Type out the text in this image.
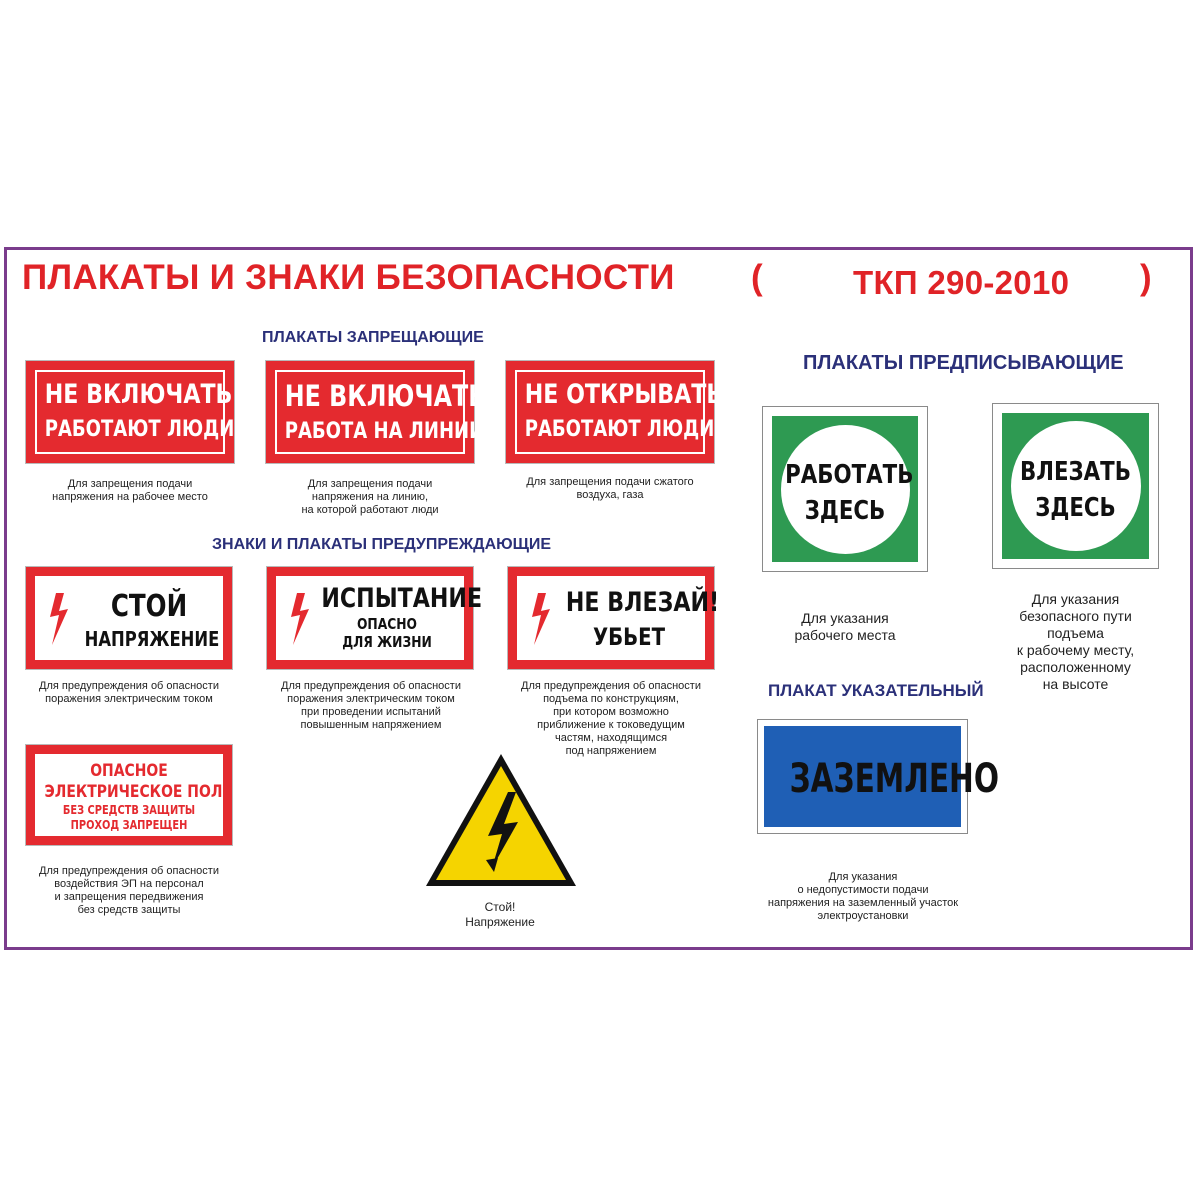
ПЛАКАТЫ И ЗНАКИ БЕЗОПАСНОСТИ (	ТКП 290-2010 )
ПЛАКАТЫ ЗАПРЕЩАЮЩИЕ
ЗНАКИ И ПЛАКАТЫ ПРЕДУПРЕЖДАЮЩИЕ
ПЛАКАТЫ ПРЕДПИСЫВАЮЩИЕ
ПЛАКАТ УКАЗАТЕЛЬНЫЙ
НЕ ВКЛЮЧАТЬ
РАБОТАЮТ ЛЮДИ
Для запрещения подачи
напряжения на рабочее место
НЕ ВКЛЮЧАТЬ
РАБОТА НА ЛИНИИ
Для запрещения подачи
напряжения на линию,
на которой работают люди
НЕ ОТКРЫВАТЬ
РАБОТАЮТ ЛЮДИ
Для запрещения подачи сжатого
воздуха, газа
СТОЙ
НАПРЯЖЕНИЕ
Для предупреждения об опасности
поражения электрическим током
ИСПЫТАНИЕ
ОПАСНО
ДЛЯ ЖИЗНИ
Для предупреждения об опасности
поражения электрическим током
при проведении испытаний
повышенным напряжением
НЕ ВЛЕЗАЙ!
УБЬЕТ
Для предупреждения об опасности
подъема по конструкциям,
при котором возможно
приближение к токоведущим
частям, находящимся
под напряжением
ОПАСНОЕ
ЭЛЕКТРИЧЕСКОЕ ПОЛЕ
БЕЗ СРЕДСТВ ЗАЩИТЫ
ПРОХОД ЗАПРЕЩЕН
Для предупреждения об опасности
воздействия ЭП на персонал
и запрещения передвижения
без средств защиты	Стой!
Напряжение
РАБОТАТЬ
ЗДЕСЬ
Для указания
рабочего места
ВЛЕЗАТЬ
ЗДЕСЬ
Для указания
безопасного пути
подъема
к рабочему месту,
расположенному
на высоте
ЗАЗЕМЛЕНО
Для указания
о недопустимости подачи
напряжения на заземленный участок
электроустановки
